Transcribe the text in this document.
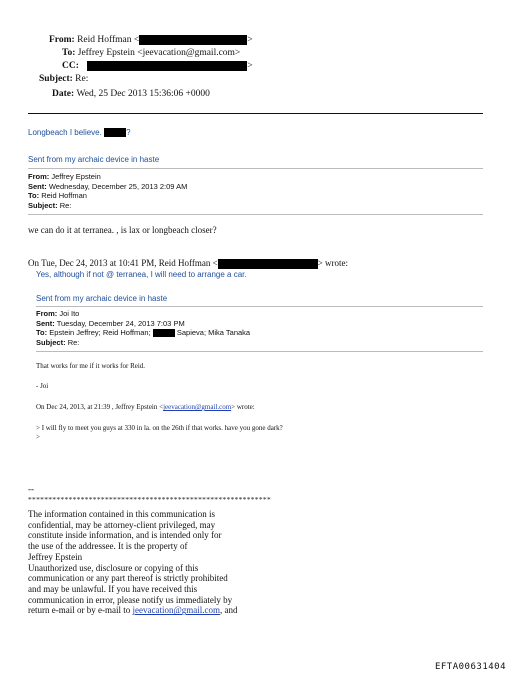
From: Reid Hoffman <	>
To: Jeffrey Epstein <jeevacation@gmail.com>
CC:	>
Subject: Re:
Date: Wed, 25 Dec 2013 15:36:06 +0000
Longbeach I believe.	?
Sent from my archaic device in haste
From: Jeffrey Epstein
Sent: Wednesday, December 25, 2013 2:09 AM
To: Reid Hoffman
Subject: Re:
we can do it at terranea. , is lax or longbeach closer?
On Tue, Dec 24, 2013 at 10:41 PM, Reid Hoffman <	> wrote:
Yes, although if not @ terranea, I will need to arrange a car.
Sent from my archaic device in haste
From: Joi Ito
Sent: Tuesday, December 24, 2013 7:03 PM
To: Epstein Jeffrey; Reid Hoffman;	Sapieva; Mika Tanaka
Subject: Re:
That works for me if it works for Reid.
- Joi
On Dec 24, 2013, at 21:39 , Jeffrey Epstein <jeevacation@gmail.com> wrote:
> I will fly to meet you guys at 330 in la. on the 26th if that works. have you gone dark?
>
--
************************************************************
The information contained in this communication is
confidential, may be attorney-client privileged, may
constitute inside information, and is intended only for
the use of the addressee. It is the property of
Jeffrey Epstein
Unauthorized use, disclosure or copying of this
communication or any part thereof is strictly prohibited
and may be unlawful. If you have received this
communication in error, please notify us immediately by
return e-mail or by e-mail to jeevacation@gmail.com, and
EFTA00631404
